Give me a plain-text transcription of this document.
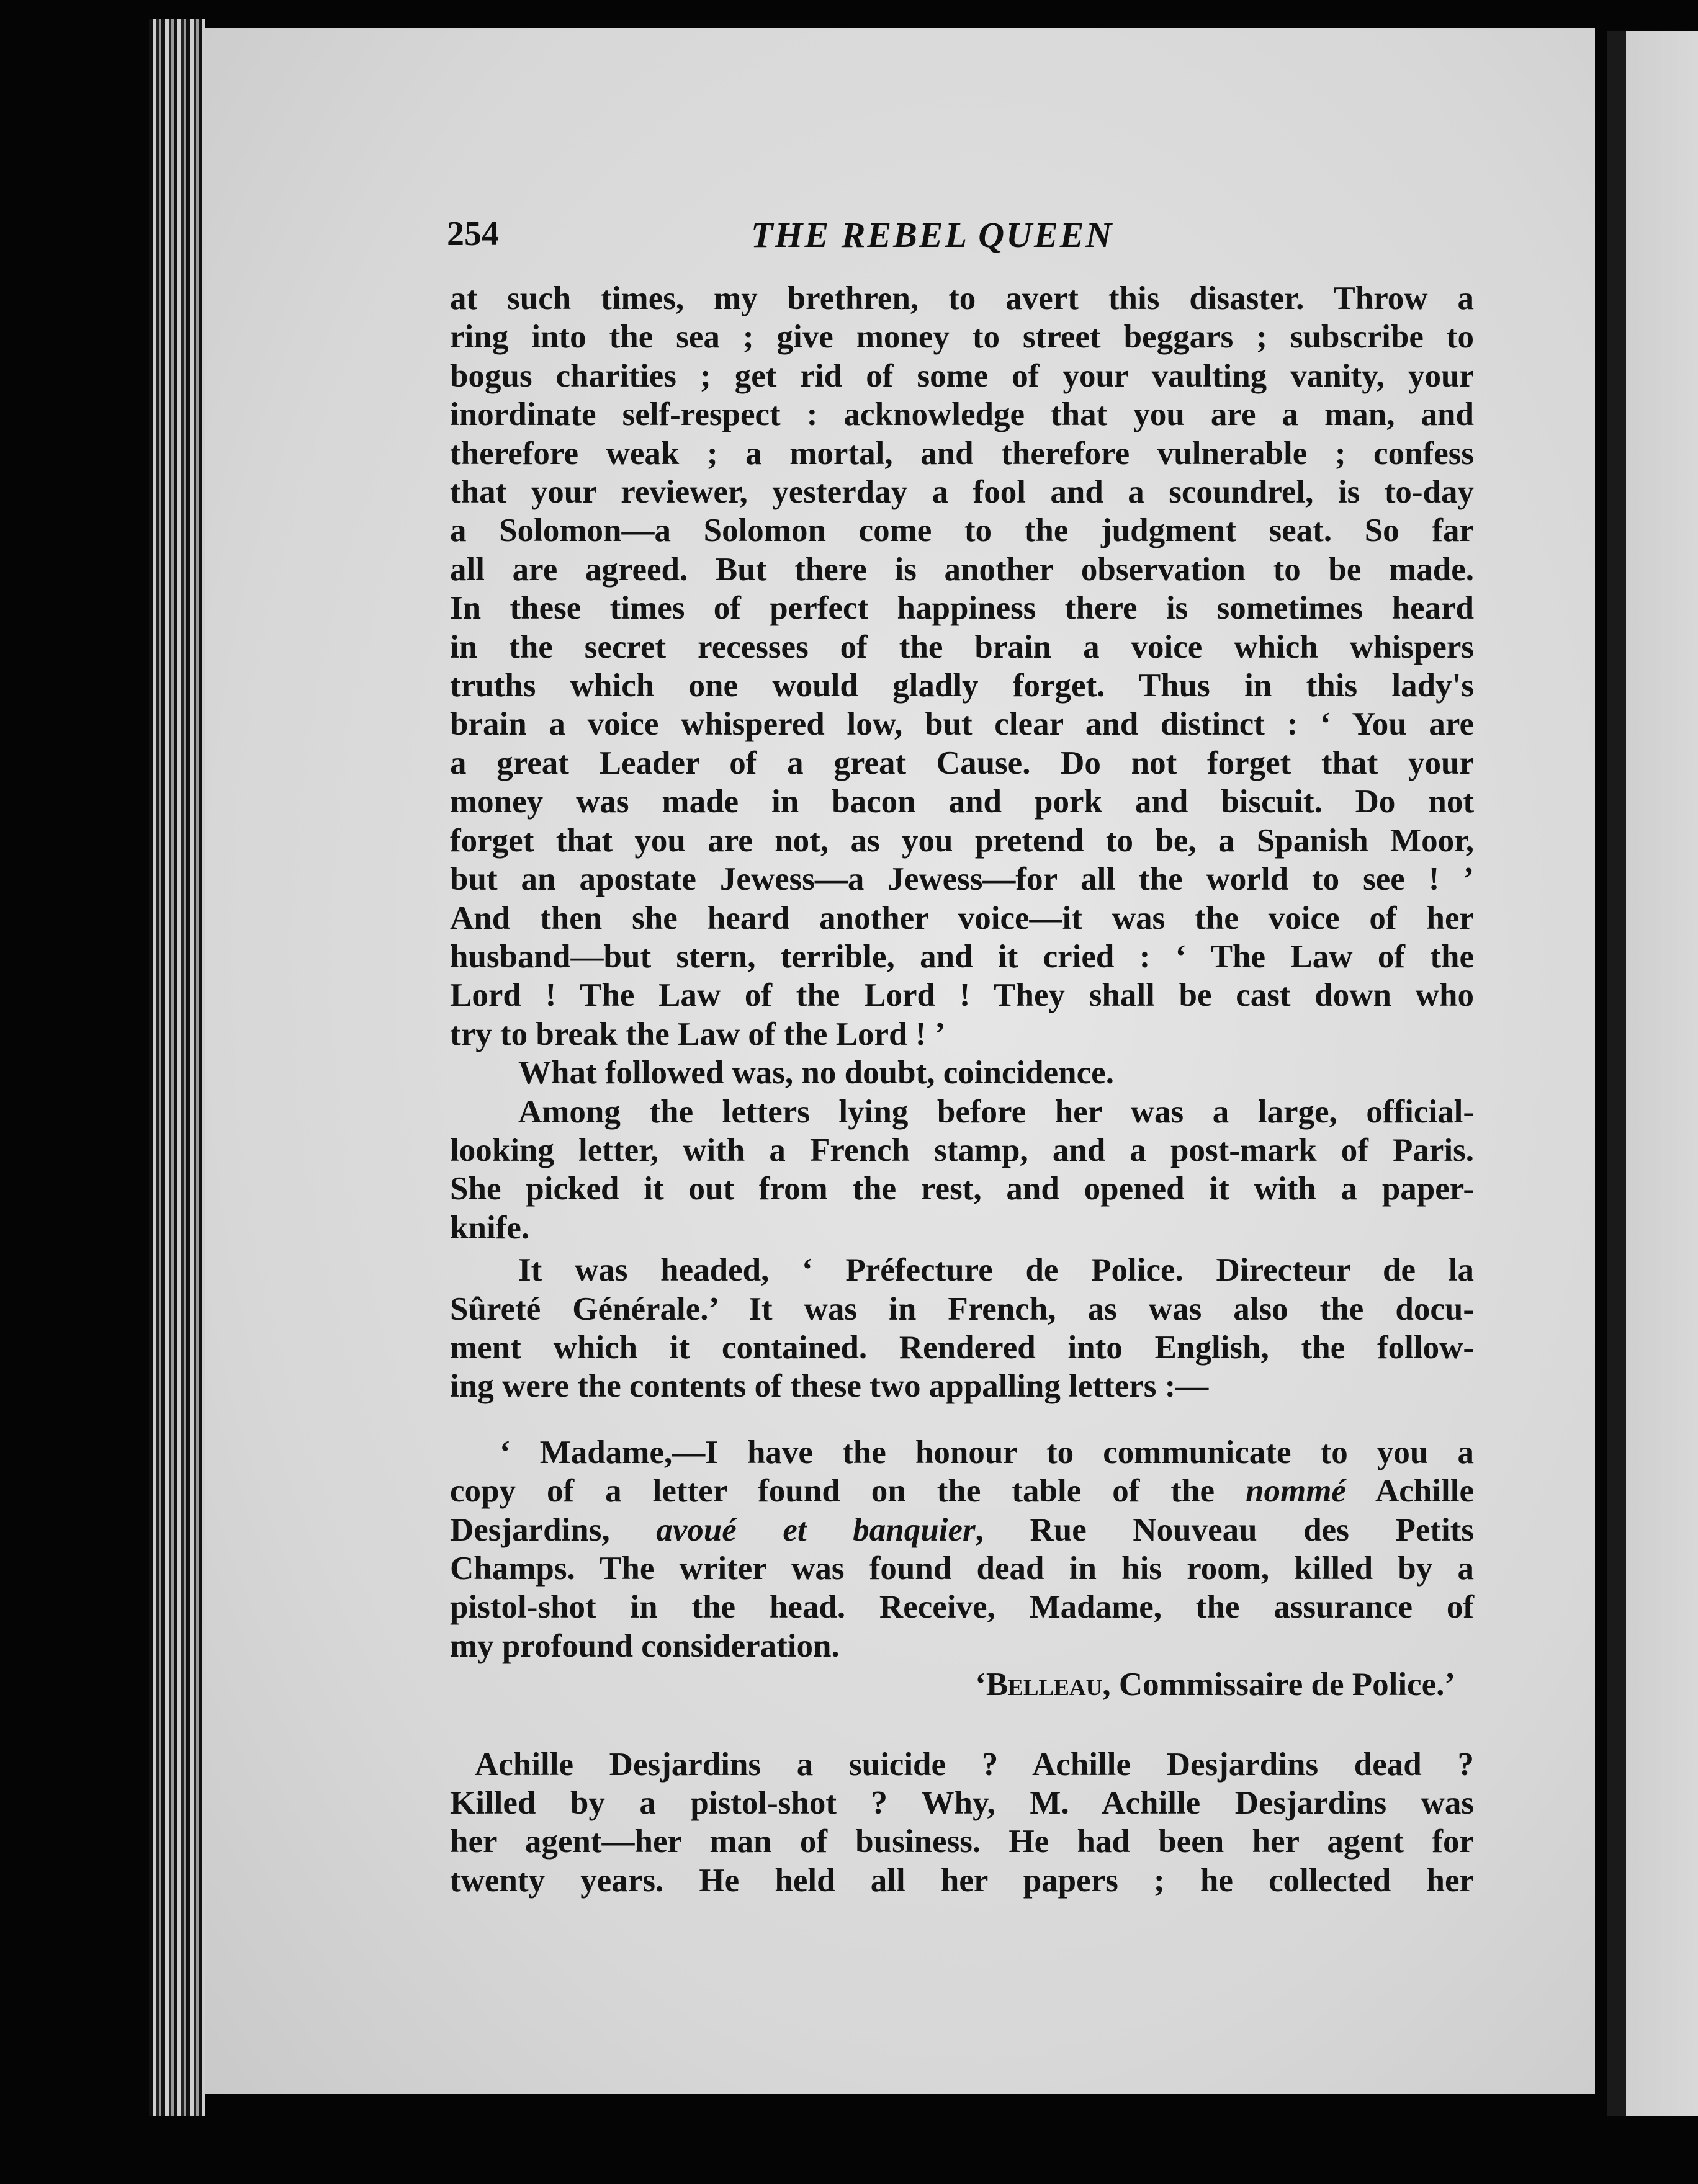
254	THE REBEL QUEEN
at such times, my brethren, to avert this disaster. Throw a
ring into the sea ; give money to street beggars ; subscribe to
bogus charities ; get rid of some of your vaulting vanity, your
inordinate self-respect : acknowledge that you are a man, and
therefore weak ; a mortal, and therefore vulnerable ; confess
that your reviewer, yesterday a fool and a scoundrel, is to-day
a Solomon—a Solomon come to the judgment seat. So far
all are agreed. But there is another observation to be made.
In these times of perfect happiness there is sometimes heard
in the secret recesses of the brain a voice which whispers
truths which one would gladly forget. Thus in this lady's
brain a voice whispered low, but clear and distinct : ‘ You are
a great Leader of a great Cause. Do not forget that your
money was made in bacon and pork and biscuit. Do not
forget that you are not, as you pretend to be, a Spanish Moor,
but an apostate Jewess—a Jewess—for all the world to see ! ’
And then she heard another voice—it was the voice of her
husband—but stern, terrible, and it cried : ‘ The Law of the
Lord ! The Law of the Lord ! They shall be cast down who
try to break the Law of the Lord ! ’
What followed was, no doubt, coincidence.
Among the letters lying before her was a large, official-
looking letter, with a French stamp, and a post-mark of Paris.
She picked it out from the rest, and opened it with a paper-
knife.
It was headed, ‘ Préfecture de Police. Directeur de la
Sûreté Générale.’ It was in French, as was also the docu-
ment which it contained. Rendered into English, the follow-
ing were the contents of these two appalling letters :—
‘ Madame,—I have the honour to communicate to you a
copy of a letter found on the table of the nommé Achille
Desjardins, avoué et banquier, Rue Nouveau des Petits
Champs. The writer was found dead in his room, killed by a
pistol-shot in the head. Receive, Madame, the assurance of
my profound consideration.
‘Belleau, Commissaire de Police.’
Achille Desjardins a suicide ? Achille Desjardins dead ?
Killed by a pistol-shot ? Why, M. Achille Desjardins was
her agent—her man of business. He had been her agent for
twenty years. He held all her papers ; he collected her
